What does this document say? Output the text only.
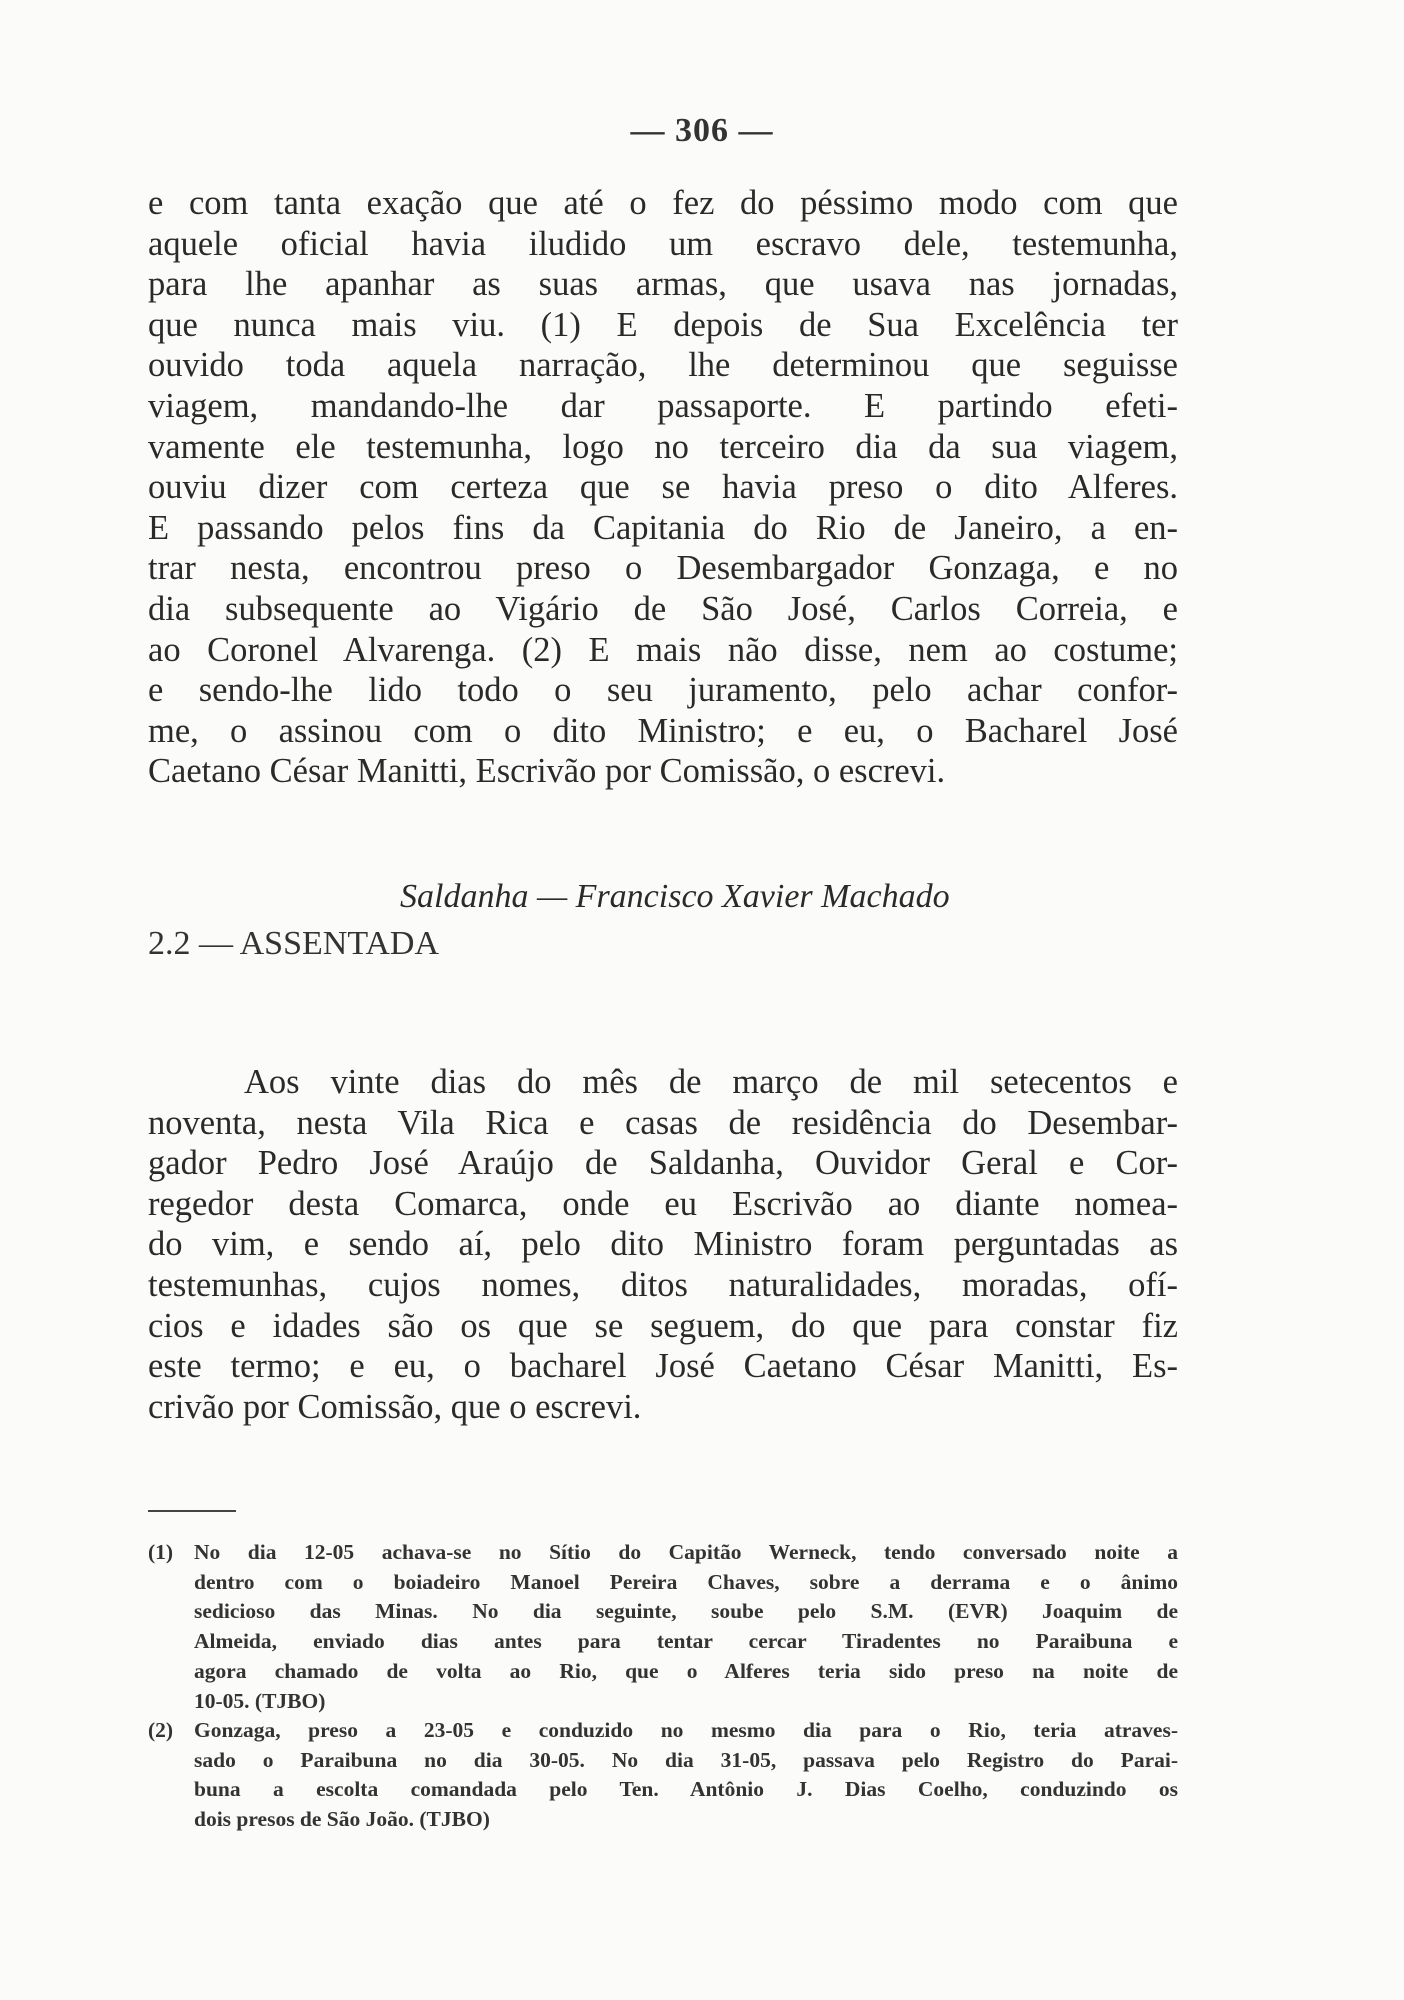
— 306 —
e com tanta exação que até o fez do péssimo modo com que
aquele oficial havia iludido um escravo dele, testemunha,
para lhe apanhar as suas armas, que usava nas jornadas,
que nunca mais viu. (1) E depois de Sua Excelência ter
ouvido toda aquela narração, lhe determinou que seguisse
viagem, mandando-lhe dar passaporte. E partindo efeti-
vamente ele testemunha, logo no terceiro dia da sua viagem,
ouviu dizer com certeza que se havia preso o dito Alferes.
E passando pelos fins da Capitania do Rio de Janeiro, a en-
trar nesta, encontrou preso o Desembargador Gonzaga, e no
dia subsequente ao Vigário de São José, Carlos Correia, e
ao Coronel Alvarenga. (2) E mais não disse, nem ao costume;
e sendo-lhe lido todo o seu juramento, pelo achar confor-
me, o assinou com o dito Ministro; e eu, o Bacharel José
Caetano César Manitti, Escrivão por Comissão, o escrevi.
Saldanha — Francisco Xavier Machado
2.2 — ASSENTADA
Aos vinte dias do mês de março de mil setecentos e
noventa, nesta Vila Rica e casas de residência do Desembar-
gador Pedro José Araújo de Saldanha, Ouvidor Geral e Cor-
regedor desta Comarca, onde eu Escrivão ao diante nomea-
do vim, e sendo aí, pelo dito Ministro foram perguntadas as
testemunhas, cujos nomes, ditos naturalidades, moradas, ofí-
cios e idades são os que se seguem, do que para constar fiz
este termo; e eu, o bacharel José Caetano César Manitti, Es-
crivão por Comissão, que o escrevi.
(1) No dia 12-05 achava-se no Sítio do Capitão Werneck, tendo conversado noite a
dentro com o boiadeiro Manoel Pereira Chaves, sobre a derrama e o ânimo
sedicioso das Minas. No dia seguinte, soube pelo S.M. (EVR) Joaquim de
Almeida, enviado dias antes para tentar cercar Tiradentes no Paraibuna e
agora chamado de volta ao Rio, que o Alferes teria sido preso na noite de
10-05. (TJBO)
(2) Gonzaga, preso a 23-05 e conduzido no mesmo dia para o Rio, teria atraves-
sado o Paraibuna no dia 30-05. No dia 31-05, passava pelo Registro do Parai-
buna a escolta comandada pelo Ten. Antônio J. Dias Coelho, conduzindo os
dois presos de São João. (TJBO)
